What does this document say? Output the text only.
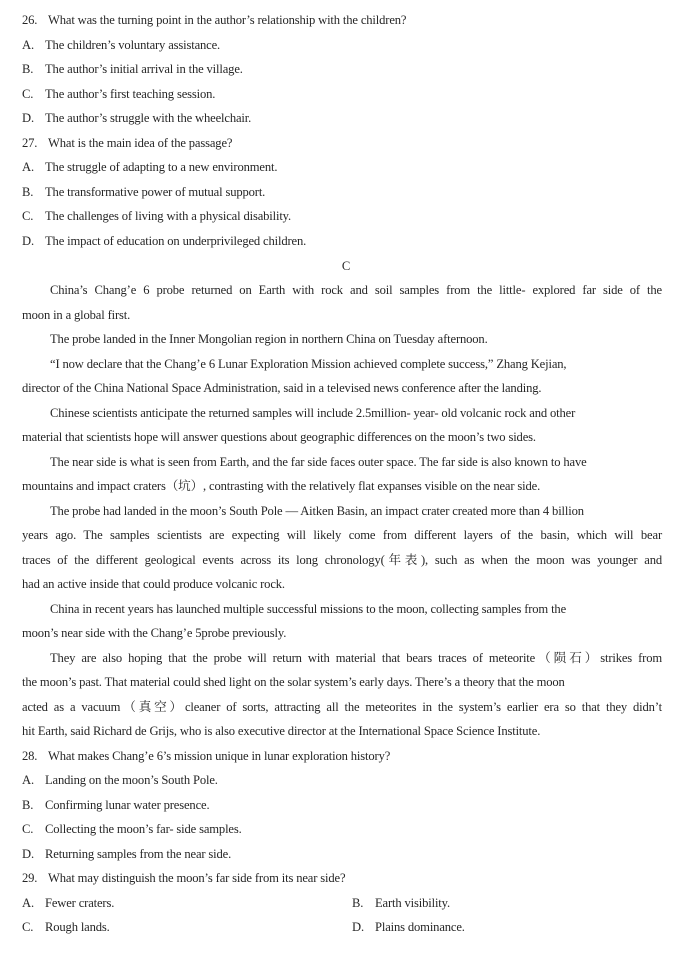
26. What was the turning point in the author’s relationship with the children?
A. The children’s voluntary assistance.
B. The author’s initial arrival in the village.
C. The author’s first teaching session.
D. The author’s struggle with the wheelchair.
27. What is the main idea of the passage?
A. The struggle of adapting to a new environment.
B. The transformative power of mutual support.
C. The challenges of living with a physical disability.
D. The impact of education on underprivileged children.
C
China’s Chang’e 6 probe returned on Earth with rock and soil samples from the little- explored far side of the
moon in a global first.
The probe landed in the Inner Mongolian region in northern China on Tuesday afternoon.
“I now declare that the Chang’e 6 Lunar Exploration Mission achieved complete success,” Zhang Kejian,
director of the China National Space Administration, said in a televised news conference after the landing.
Chinese scientists anticipate the returned samples will include 2.5million- year- old volcanic rock and other
material that scientists hope will answer questions about geographic differences on the moon’s two sides.
The near side is what is seen from Earth, and the far side faces outer space. The far side is also known to have
mountains and impact craters（坑）, contrasting with the relatively flat expanses visible on the near side.
The probe had landed in the moon’s South Pole — Aitken Basin, an impact crater created more than 4 billion
years ago. The samples scientists are expecting will likely come from different layers of the basin, which will bear
traces of the different geological events across its long chronology(年表), such as when the moon was younger and
had an active inside that could produce volcanic rock.
China in recent years has launched multiple successful missions to the moon, collecting samples from the
moon’s near side with the Chang’e 5probe previously.
They are also hoping that the probe will return with material that bears traces of meteorite（陨石）strikes from
the moon’s past. That material could shed light on the solar system’s early days. There’s a theory that the moon
acted as a vacuum（真空）cleaner of sorts, attracting all the meteorites in the system’s earlier era so that they didn’t
hit Earth, said Richard de Grijs, who is also executive director at the International Space Science Institute.
28. What makes Chang’e 6’s mission unique in lunar exploration history?
A. Landing on the moon’s South Pole.
B. Confirming lunar water presence.
C. Collecting the moon’s far- side samples.
D. Returning samples from the near side.
29. What may distinguish the moon’s far side from its near side?
A. Fewer craters.	B. Earth visibility.
C. Rough lands.	D. Plains dominance.
